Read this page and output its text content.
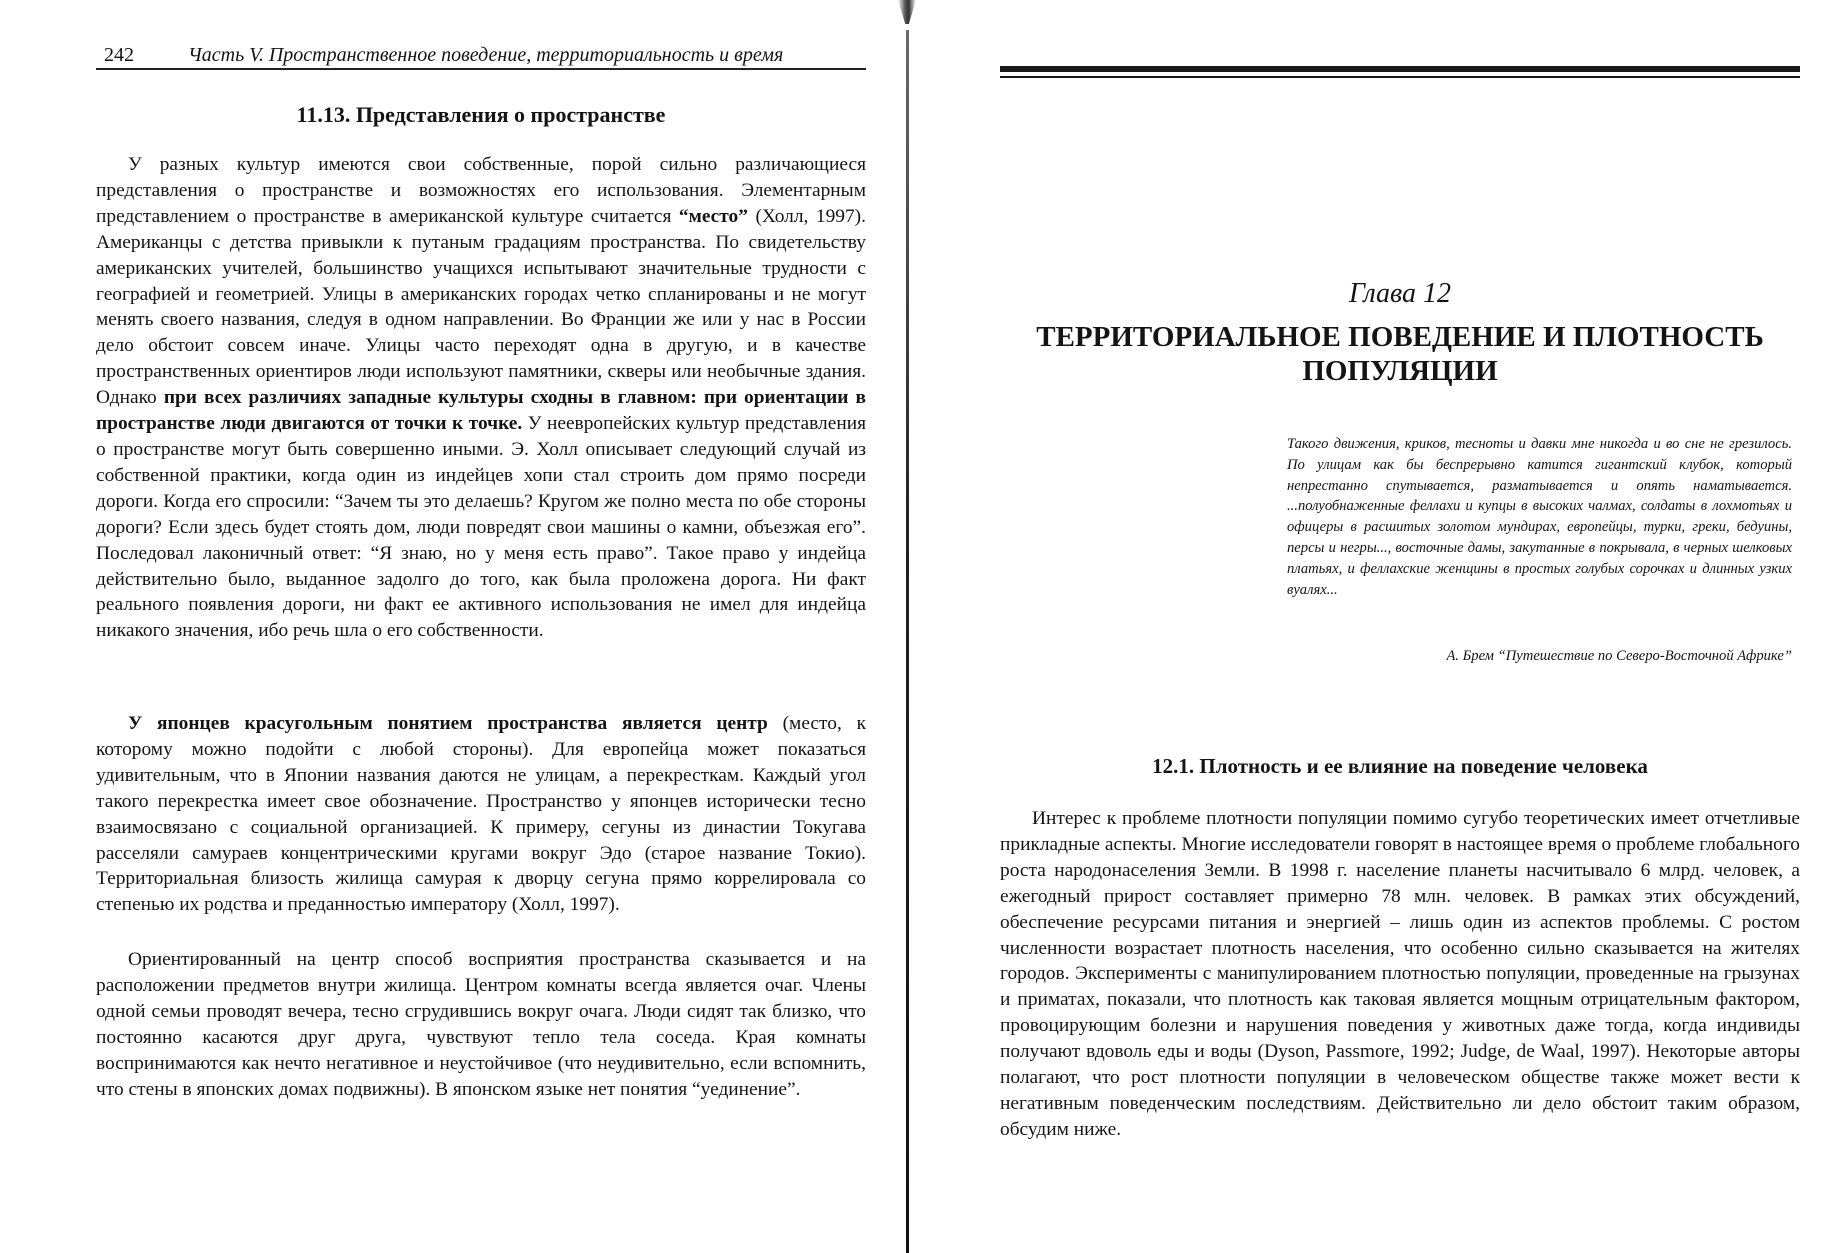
242	Часть V. Пространственное поведение, территориальность и время
11.13. Представления о пространстве

У разных культур имеются свои собственные, порой сильно различающиеся представления о пространстве и возможностях его использования. Элементарным представлением о пространстве в американской культуре считается “место” (Холл, 1997). Американцы с детства привыкли к путаным градациям пространства. По свидетельству американских учителей, большинство учащихся испытывают значительные трудности с географией и геометрией. Улицы в американских городах четко спланированы и не могут менять своего названия, следуя в одном направлении. Во Франции же или у нас в России дело обстоит совсем иначе. Улицы часто переходят одна в другую, и в качестве пространственных ориентиров люди используют памятники, скверы или необычные здания. Однако при всех различиях западные культуры сходны в главном: при ориентации в пространстве люди двигаются от точки к точке. У неевропейских культур представления о пространстве могут быть совершенно иными. Э. Холл описывает следующий случай из собственной практики, когда один из индейцев хопи стал строить дом прямо посреди дороги. Когда его спросили: “Зачем ты это делаешь? Кругом же полно места по обе стороны дороги? Если здесь будет стоять дом, люди повредят свои машины о камни, объезжая его”. Последовал лаконичный ответ: “Я знаю, но у меня есть право”. Такое право у индейца действительно было, выданное задолго до того, как была проложена дорога. Ни факт реального появления дороги, ни факт ее активного использования не имел для индейца никакого значения, ибо речь шла о его собственности.

У японцев красугольным понятием пространства является центр (место, к которому можно подойти с любой стороны). Для европейца может показаться удивительным, что в Японии названия даются не улицам, а перекресткам. Каждый угол такого перекрестка имеет свое обозначение. Пространство у японцев исторически тесно взаимосвязано с социальной организацией. К примеру, сегуны из династии Токугава расселяли самураев концентрическими кругами вокруг Эдо (старое название Токио). Территориальная близость жилища самурая к дворцу сегуна прямо коррелировала со степенью их родства и преданностью императору (Холл, 1997).

Ориентированный на центр способ восприятия пространства сказывается и на расположении предметов внутри жилища. Центром комнаты всегда является очаг. Члены одной семьи проводят вечера, тесно сгрудившись вокруг очага. Люди сидят так близко, что постоянно касаются друг друга, чувствуют тепло тела соседа. Края комнаты воспринимаются как нечто негативное и неустойчивое (что неудивительно, если вспомнить, что стены в японских домах подвижны). В японском языке нет понятия “уединение”.

Глава 12
ТЕРРИТОРИАЛЬНОЕ ПОВЕДЕНИЕ И ПЛОТНОСТЬ
ПОПУЛЯЦИИ

Такого движения, криков, тесноты и давки мне никогда и во сне не грезилось. По улицам как бы беспрерывно катится гигантский клубок, который непрестанно спутывается, разматывается и опять наматывается. ...полуобнаженные феллахи и купцы в высоких чалмах, солдаты в лохмотьях и офицеры в расшитых золотом мундирах, европейцы, турки, греки, бедуины, персы и негры..., восточные дамы, закутанные в покрывала, в черных шелковых платьях, и феллахские женщины в простых голубых сорочках и длинных узких вуалях...

А. Брем “Путешествие по Северо-Восточной Африке”

12.1. Плотность и ее влияние на поведение человека

Интерес к проблеме плотности популяции помимо сугубо теоретических имеет отчетливые прикладные аспекты. Многие исследователи говорят в настоящее время о проблеме глобального роста народонаселения Земли. В 1998 г. население планеты насчитывало 6 млрд. человек, а ежегодный прирост составляет примерно 78 млн. человек. В рамках этих обсуждений, обеспечение ресурсами питания и энергией – лишь один из аспектов проблемы. С ростом численности возрастает плотность населения, что особенно сильно сказывается на жителях городов. Эксперименты с манипулированием плотностью популяции, проведенные на грызунах и приматах, показали, что плотность как таковая является мощным отрицательным фактором, провоцирующим болезни и нарушения поведения у животных даже тогда, когда индивиды получают вдоволь еды и воды (Dyson, Passmore, 1992; Judge, de Waal, 1997). Некоторые авторы полагают, что рост плотности популяции в человеческом обществе также может вести к негативным поведенческим последствиям. Действительно ли дело обстоит таким образом, обсудим ниже.
